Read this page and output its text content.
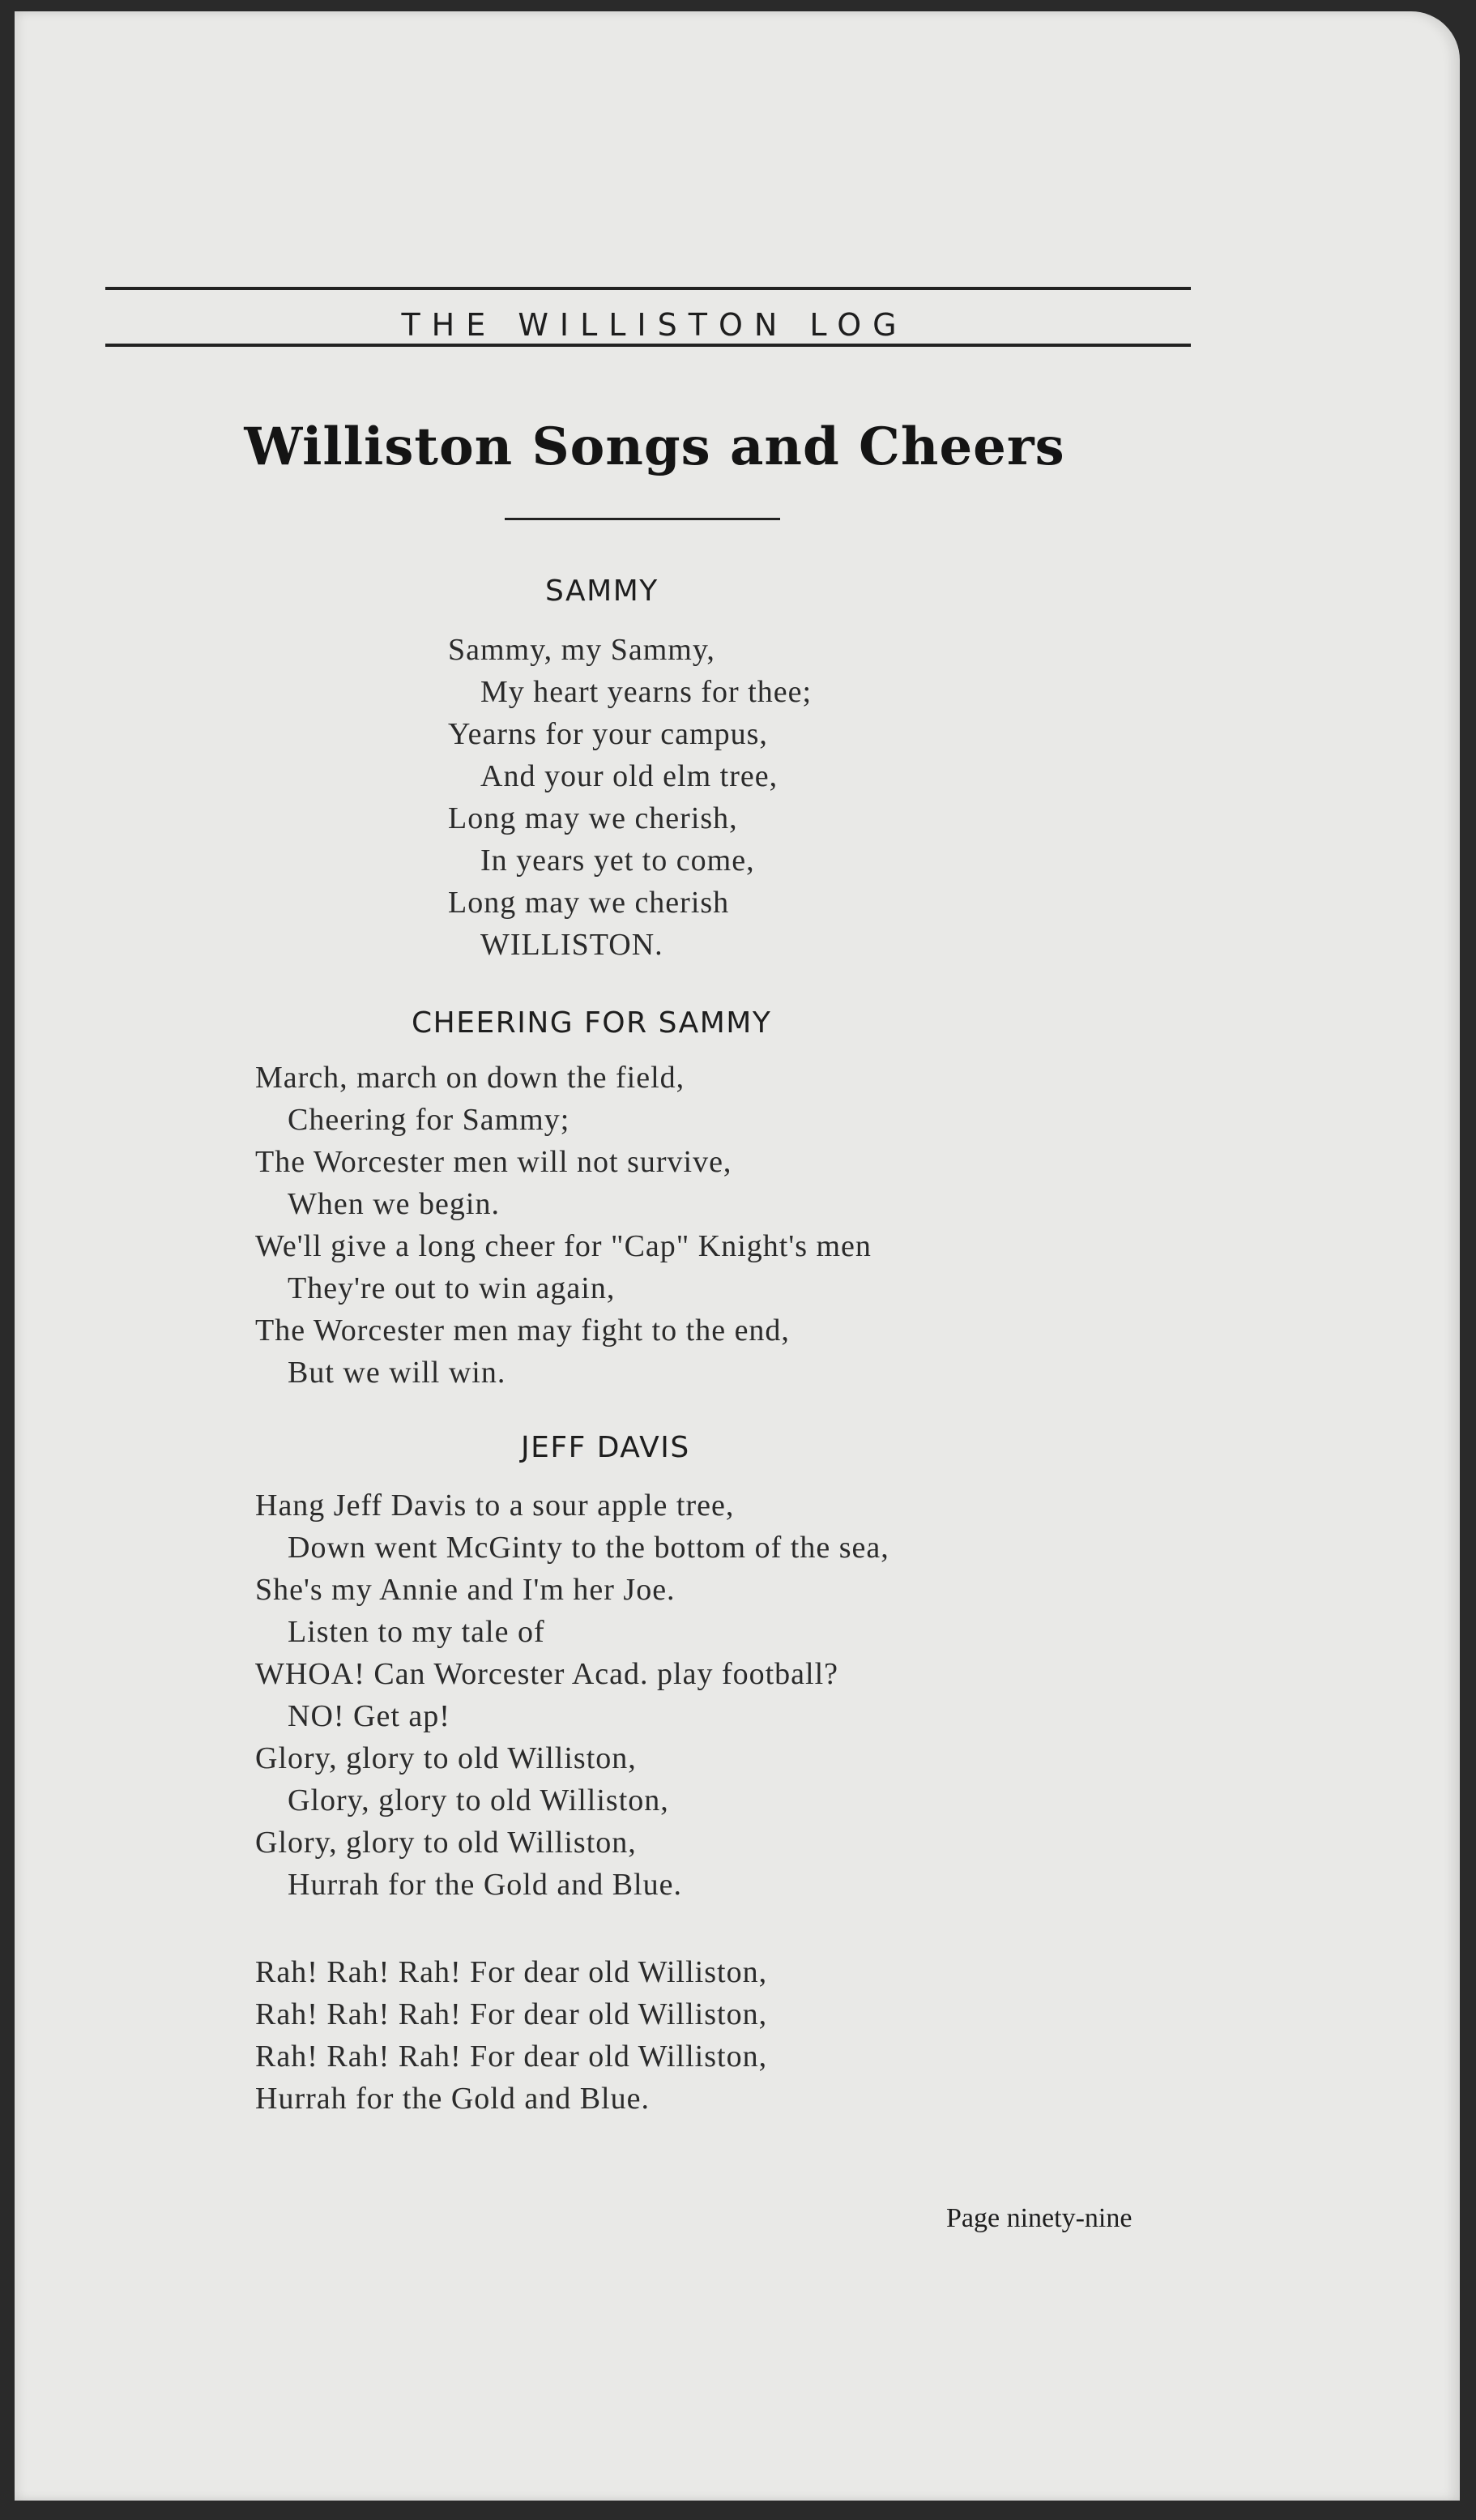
THE WILLISTON LOG
Williston Songs and Cheers
SAMMY
Sammy, my Sammy,
My heart yearns for thee;
Yearns for your campus,
And your old elm tree,
Long may we cherish,
In years yet to come,
Long may we cherish
WILLISTON.
CHEERING FOR SAMMY
March, march on down the field,
Cheering for Sammy;
The Worcester men will not survive,
When we begin.
We'll give a long cheer for "Cap" Knight's men
They're out to win again,
The Worcester men may fight to the end,
But we will win.
JEFF DAVIS
Hang Jeff Davis to a sour apple tree,
Down went McGinty to the bottom of the sea,
She's my Annie and I'm her Joe.
Listen to my tale of
WHOA! Can Worcester Acad. play football?
NO! Get ap!
Glory, glory to old Williston,
Glory, glory to old Williston,
Glory, glory to old Williston,
Hurrah for the Gold and Blue.
Rah! Rah! Rah! For dear old Williston,
Rah! Rah! Rah! For dear old Williston,
Rah! Rah! Rah! For dear old Williston,
Hurrah for the Gold and Blue.
Page ninety-nine
